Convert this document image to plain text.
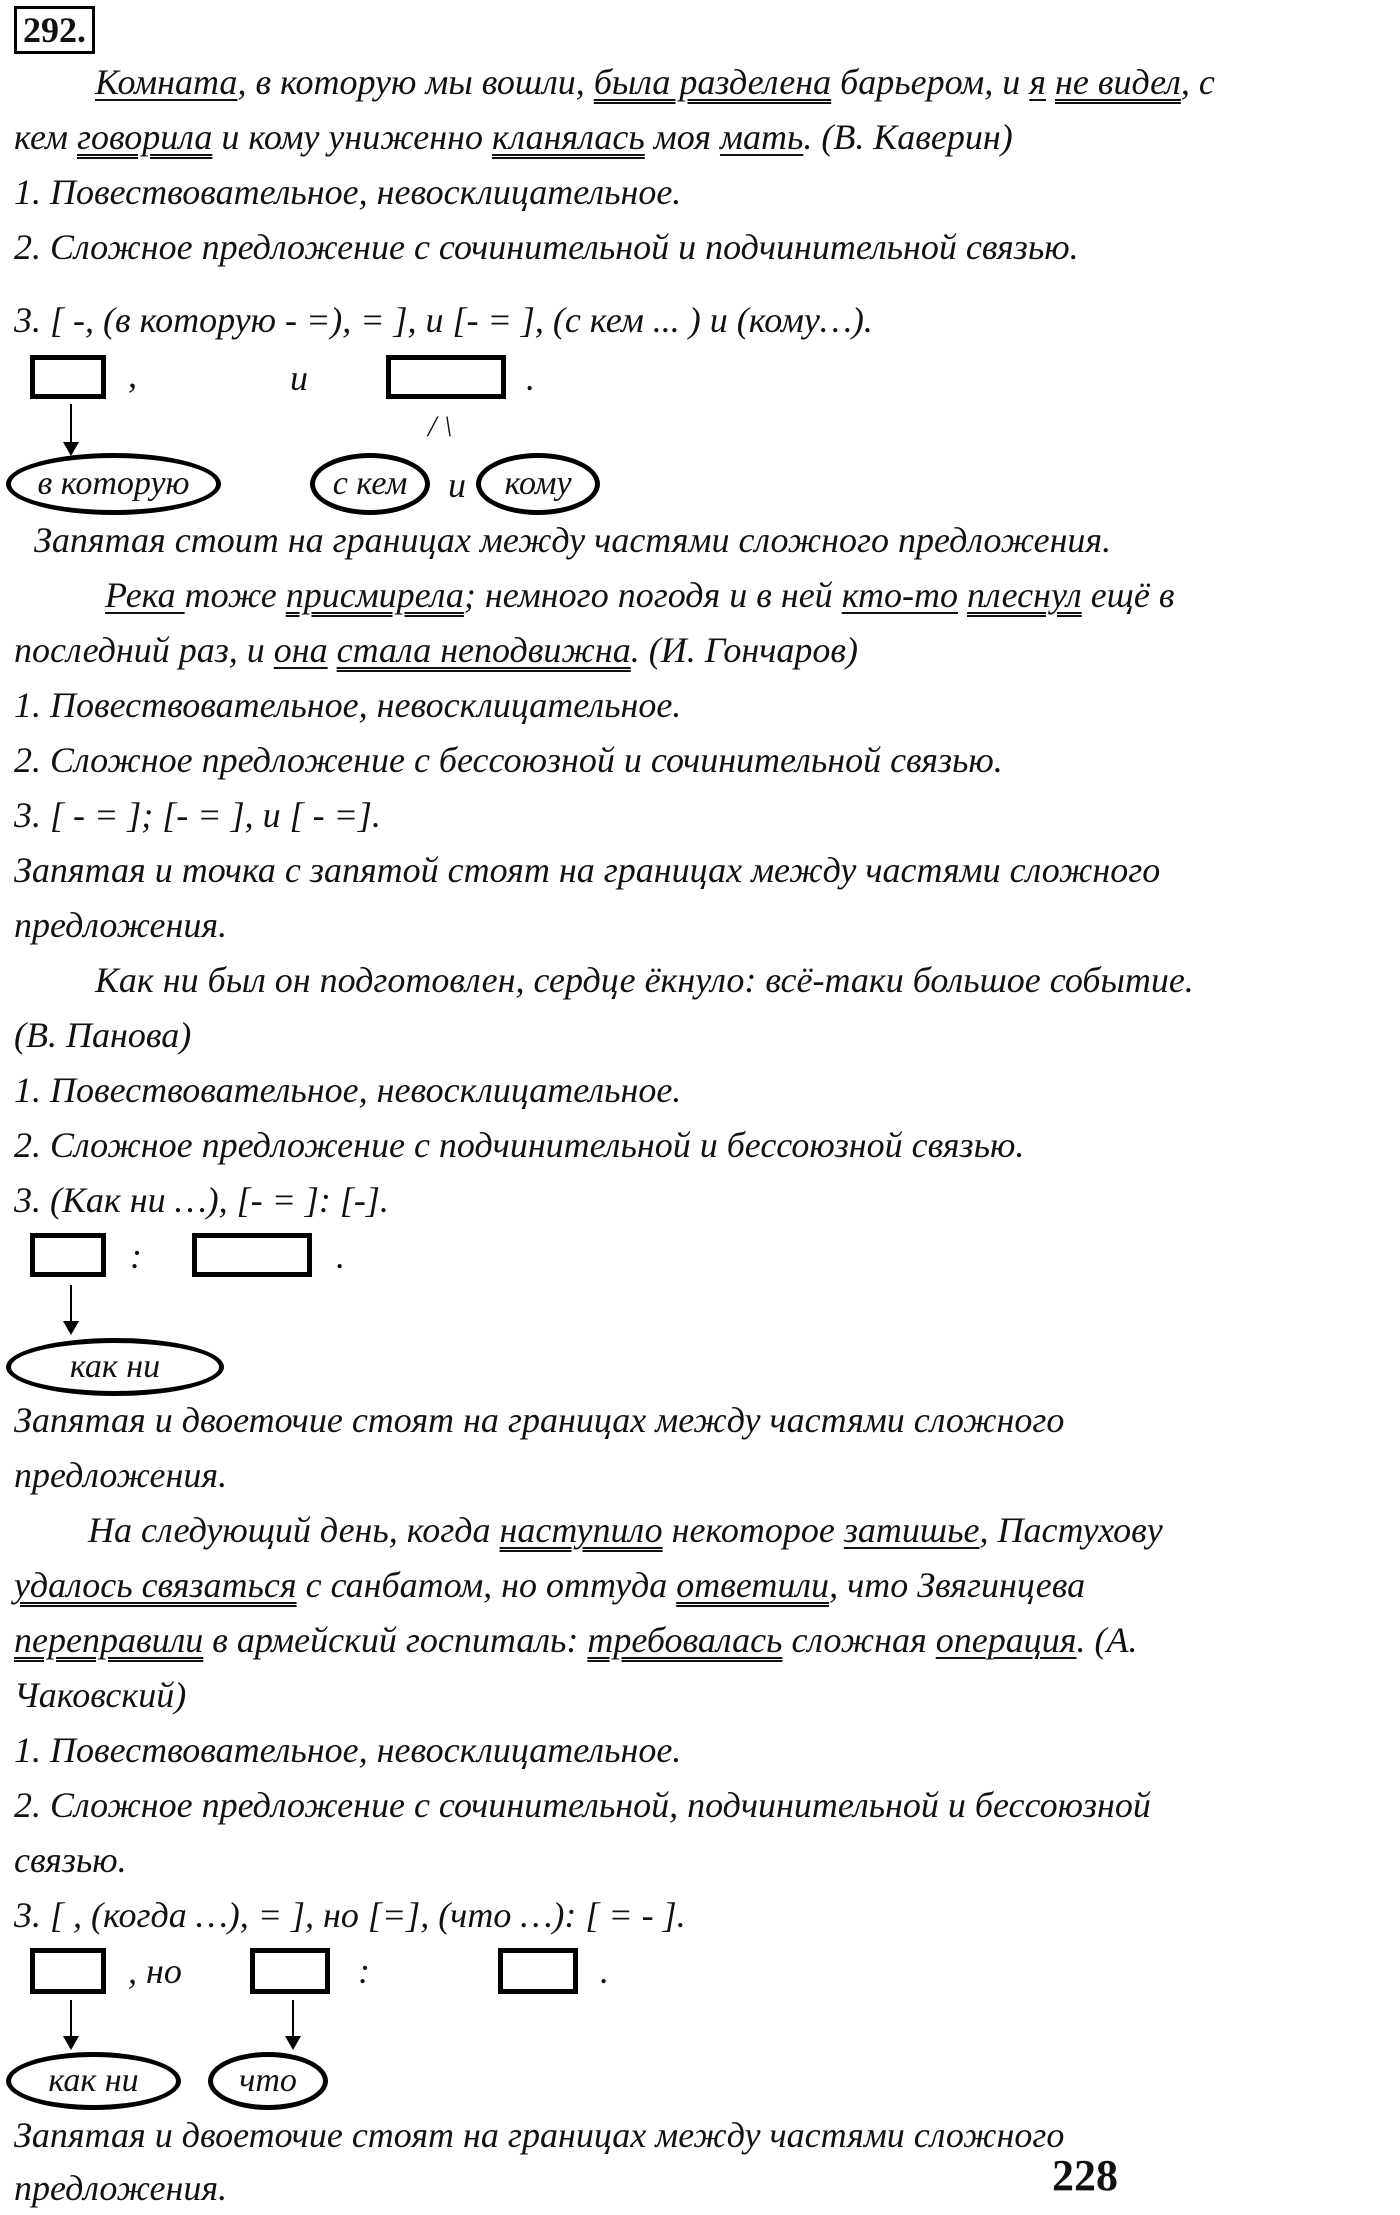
292.
Комната, в которую мы вошли, была разделена барьером, и я не видел, с
кем говорила и кому униженно кланялась моя мать. (В. Каверин)
1. Повествовательное, невосклицательное.
2. Сложное предложение с сочинительной и подчинительной связью.
3. [ -, (в которую - =), = ], и [- = ], (с кем ... ) и (кому…).
,	и	.
/ \
в которую	с кем	и	кому
Запятая стоит на границах между частями сложного предложения.
Река тоже присмирела; немного погодя и в ней кто-то плеснул ещё в
последний раз, и она стала неподвижна. (И. Гончаров)
1. Повествовательное, невосклицательное.
2. Сложное предложение с бессоюзной и сочинительной связью.
3. [ - = ]; [- = ], и [ - =].
Запятая и точка с запятой стоят на границах между частями сложного
предложения.
Как ни был он подготовлен, сердце ёкнуло: всё-таки большое событие.
(В. Панова)
1. Повествовательное, невосклицательное.
2. Сложное предложение с подчинительной и бессоюзной связью.
3. (Как ни …), [- = ]: [-].
:	.
как ни
Запятая и двоеточие стоят на границах между частями сложного
предложения.
На следующий день, когда наступило некоторое затишье, Пастухову
удалось связаться с санбатом, но оттуда ответили, что Звягинцева
переправили в армейский госпиталь: требовалась сложная операция. (А.
Чаковский)
1. Повествовательное, невосклицательное.
2. Сложное предложение с сочинительной, подчинительной и бессоюзной
связью.
3. [ , (когда …), = ], но [=], (что …): [ = - ].
, но	:	.
как ни	что
Запятая и двоеточие стоят на границах между частями сложного
предложения.	228
